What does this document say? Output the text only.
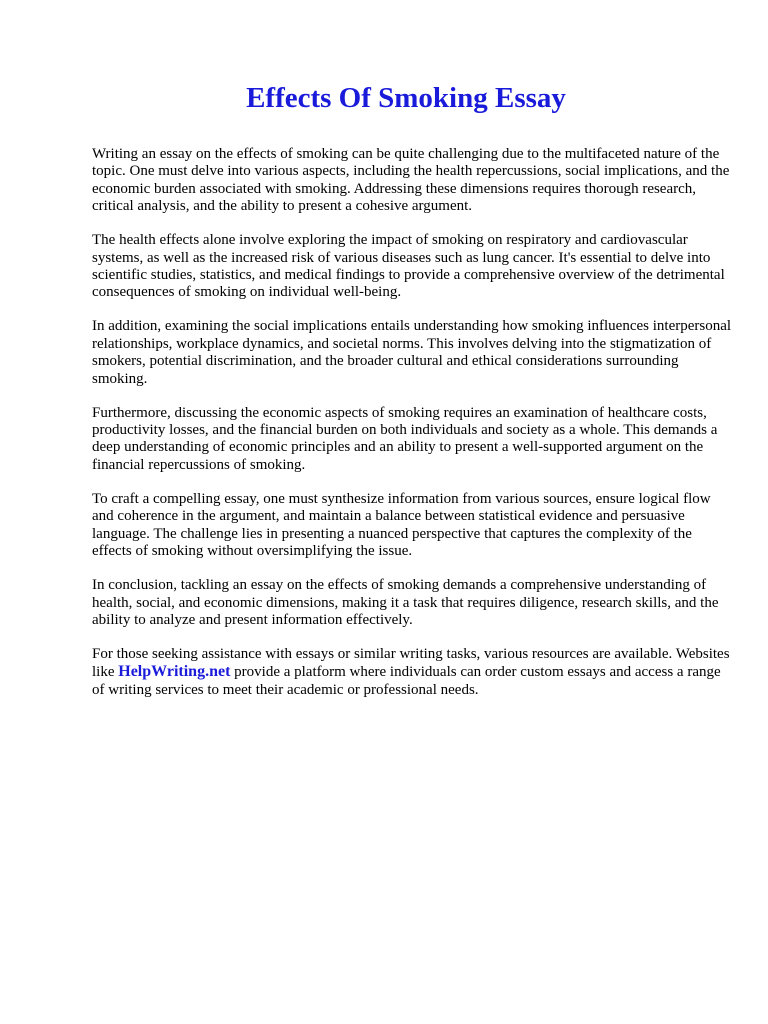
Effects Of Smoking Essay

Writing an essay on the effects of smoking can be quite challenging due to the multifaceted nature of the topic. One must delve into various aspects, including the health repercussions, social implications, and the economic burden associated with smoking. Addressing these dimensions requires thorough research, critical analysis, and the ability to present a cohesive argument.

The health effects alone involve exploring the impact of smoking on respiratory and cardiovascular systems, as well as the increased risk of various diseases such as lung cancer. It's essential to delve into scientific studies, statistics, and medical findings to provide a comprehensive overview of the detrimental consequences of smoking on individual well-being.

In addition, examining the social implications entails understanding how smoking influences interpersonal relationships, workplace dynamics, and societal norms. This involves delving into the stigmatization of smokers, potential discrimination, and the broader cultural and ethical considerations surrounding smoking.

Furthermore, discussing the economic aspects of smoking requires an examination of healthcare costs, productivity losses, and the financial burden on both individuals and society as a whole. This demands a deep understanding of economic principles and an ability to present a well-supported argument on the financial repercussions of smoking.

To craft a compelling essay, one must synthesize information from various sources, ensure logical flow and coherence in the argument, and maintain a balance between statistical evidence and persuasive language. The challenge lies in presenting a nuanced perspective that captures the complexity of the effects of smoking without oversimplifying the issue.

In conclusion, tackling an essay on the effects of smoking demands a comprehensive understanding of health, social, and economic dimensions, making it a task that requires diligence, research skills, and the ability to analyze and present information effectively.

For those seeking assistance with essays or similar writing tasks, various resources are available. Websites like HelpWriting.net provide a platform where individuals can order custom essays and access a range of writing services to meet their academic or professional needs.
